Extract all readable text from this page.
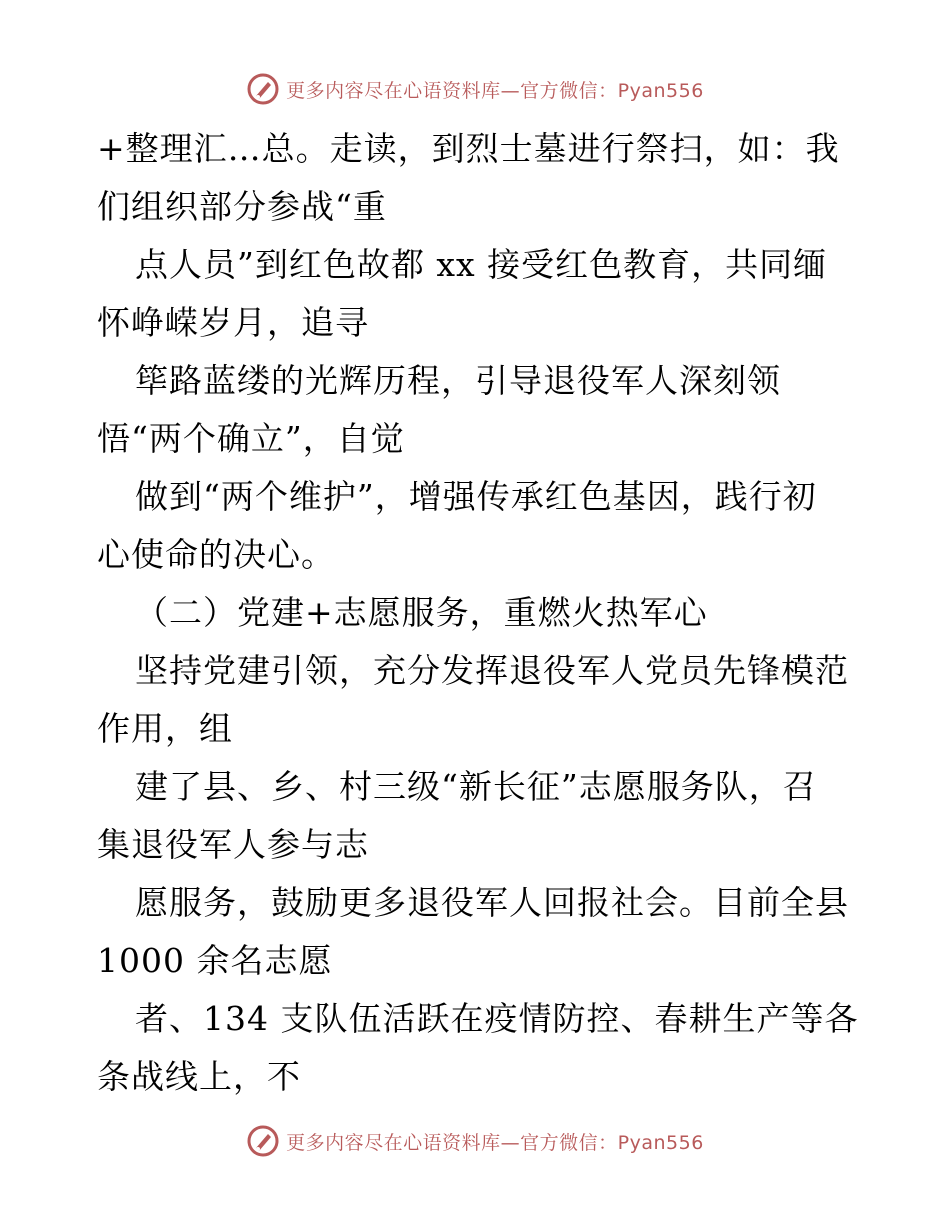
更多内容尽在心语资料库—官方微信：Pyan556
+整理汇…总。走读，到烈士墓进行祭扫，如：我
们组织部分参战“重
点人员”到红色故都 xx 接受红色教育，共同缅
怀峥嵘岁月，追寻
筚路蓝缕的光辉历程，引导退役军人深刻领
悟“两个确立”，自觉
做到“两个维护”，增强传承红色基因，践行初
心使命的决心。
（二）党建+志愿服务，重燃火热军心
坚持党建引领，充分发挥退役军人党员先锋模范
作用，组
建了县、乡、村三级“新长征”志愿服务队，召
集退役军人参与志
愿服务，鼓励更多退役军人回报社会。目前全县
1000 余名志愿
者、134 支队伍活跃在疫情防控、春耕生产等各
条战线上，不
更多内容尽在心语资料库—官方微信：Pyan556
